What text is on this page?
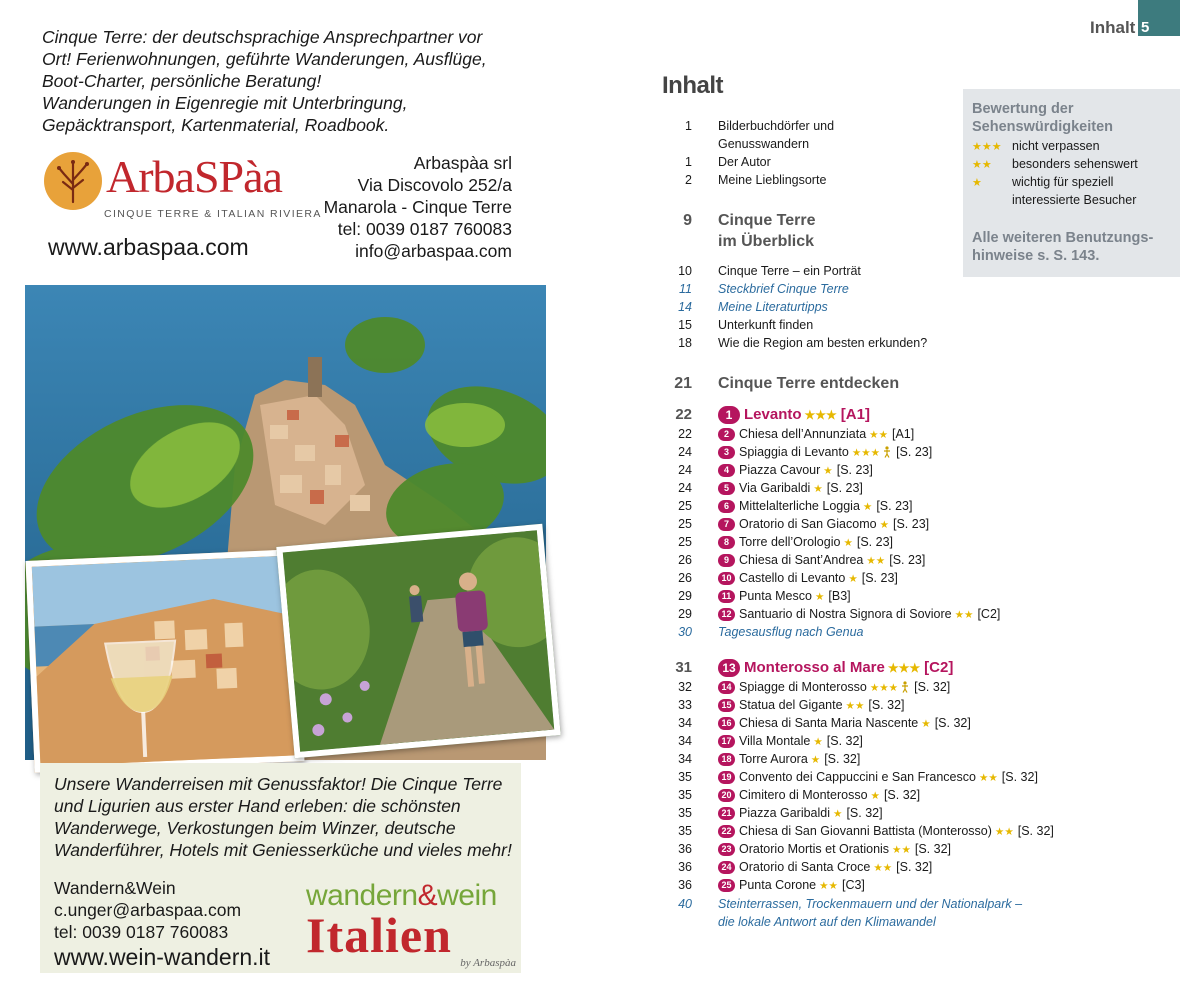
Cinque Terre: der deutschsprachige Ansprechpartner vor
Ort! Ferienwohnungen, geführte Wanderungen, Ausflüge,
Boot-Charter, persönliche Beratung!
Wanderungen in Eigenregie mit Unterbringung,
Gepäcktransport, Kartenmaterial, Roadbook.
ArbaSPàa
CINQUE TERRE & ITALIAN RIVIERA
www.arbaspaa.com
Arbaspàa srl
Via Discovolo 252/a
Manarola - Cinque Terre
tel: 0039 0187 760083
info@arbaspaa.com
Unsere Wanderreisen mit Genussfaktor! Die Cinque Terre
und Ligurien aus erster Hand erleben: die schönsten
Wanderwege, Verkostungen beim Winzer, deutsche
Wanderführer, Hotels mit Geniesserküche und vieles mehr!
Wandern&Wein
c.unger@arbaspaa.com
tel: 0039 0187 760083
www.wein-wandern.it
wandern&wein
Italien by Arbaspàa
Inhalt 5
Inhalt
Bewertung der
Sehenswürdigkeiten
★★★ nicht verpassen
★★ besonders sehenswert
★ wichtig für speziell
interessierte Besucher
Alle weiteren Benutzungs-
hinweise s. S. 143.
1 Bilderbuchdörfer und
Genusswandern
1 Der Autor
2 Meine Lieblingsorte
9 Cinque Terre
im Überblick
10 Cinque Terre – ein Porträt
11 Steckbrief Cinque Terre
14 Meine Literaturtipps
15 Unterkunft finden
18 Wie die Region am besten erkunden?
21 Cinque Terre entdecken
22	1 Levanto ★★★ [A1]
22	2 Chiesa dell’Annunziata ★★ [A1]
24	3 Spiaggia di Levanto ★★★ [S. 23]
24	4 Piazza Cavour ★ [S. 23]
24	5 Via Garibaldi ★ [S. 23]
25	6 Mittelalterliche Loggia ★ [S. 23]
25	7 Oratorio di San Giacomo ★ [S. 23]
25	8 Torre dell’Orologio ★ [S. 23]
26	9 Chiesa di Sant’Andrea ★★ [S. 23]
26	10 Castello di Levanto ★ [S. 23]
29	11 Punta Mesco ★ [B3]
29	12 Santuario di Nostra Signora di Soviore ★★ [C2]
30 Tagesausflug nach Genua
31	13 Monterosso al Mare ★★★ [C2]
32	14 Spiagge di Monterosso ★★★ [S. 32]
33	15 Statua del Gigante ★★ [S. 32]
34	16 Chiesa di Santa Maria Nascente ★ [S. 32]
34	17 Villa Montale ★ [S. 32]
34	18 Torre Aurora ★ [S. 32]
35	19 Convento dei Cappuccini e San Francesco ★★ [S. 32]
35	20 Cimitero di Monterosso ★ [S. 32]
35	21 Piazza Garibaldi ★ [S. 32]
35	22 Chiesa di San Giovanni Battista (Monterosso) ★★ [S. 32]
36	23 Oratorio Mortis et Orationis ★★ [S. 32]
36	24 Oratorio di Santa Croce ★★ [S. 32]
36	25 Punta Corone ★★ [C3]
40 Steinterrassen, Trockenmauern und der Nationalpark –
die lokale Antwort auf den Klimawandel
